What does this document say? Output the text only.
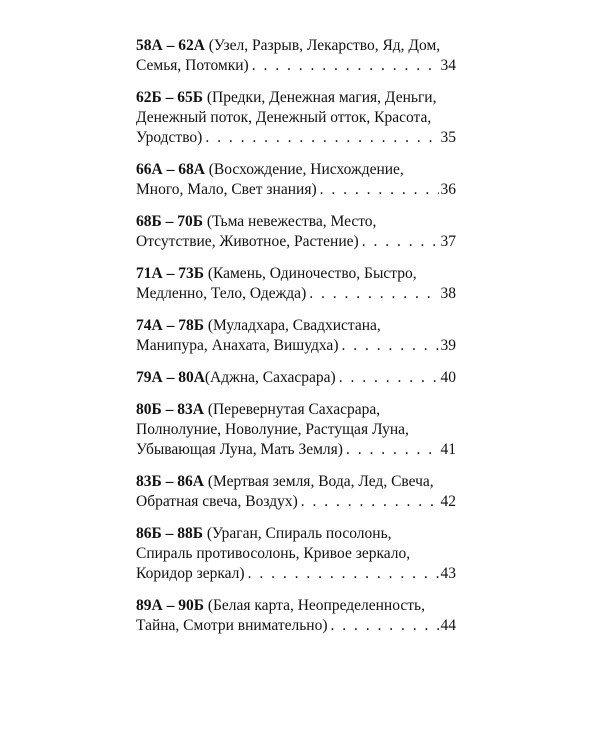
58А – 62А (Узел, Разрыв, Лекарство, Яд, Дом,
Семья, Потомки) . . .	34
62Б – 65Б (Предки, Денежная магия, Деньги,
Денежный поток, Денежный отток, Красота,
Уродство) . . .	35
66А – 68А (Восхождение, Нисхождение,
Много, Мало, Свет знания) . . .	36
68Б – 70Б (Тьма невежества, Место,
Отсутствие, Животное, Растение) . . .	37
71А – 73Б (Камень, Одиночество, Быстро,
Медленно, Тело, Одежда) . . .	38
74А – 78Б (Муладхара, Свадхистана,
Манипура, Анахата, Вишудха) . . .	39
79А – 80А (Аджна, Сахасрара) . . .	40
80Б – 83А (Перевернутая Сахасрара,
Полнолуние, Новолуние, Растущая Луна,
Убывающая Луна, Мать Земля) . . .	41
83Б – 86А (Мертвая земля, Вода, Лед, Свеча,
Обратная свеча, Воздух) . . .	42
86Б – 88Б (Ураган, Спираль посолонь,
Спираль противосолонь, Кривое зеркало,
Коридор зеркал) . . .	43
89А – 90Б (Белая карта, Неопределенность,
Тайна, Смотри внимательно) . . .	44
